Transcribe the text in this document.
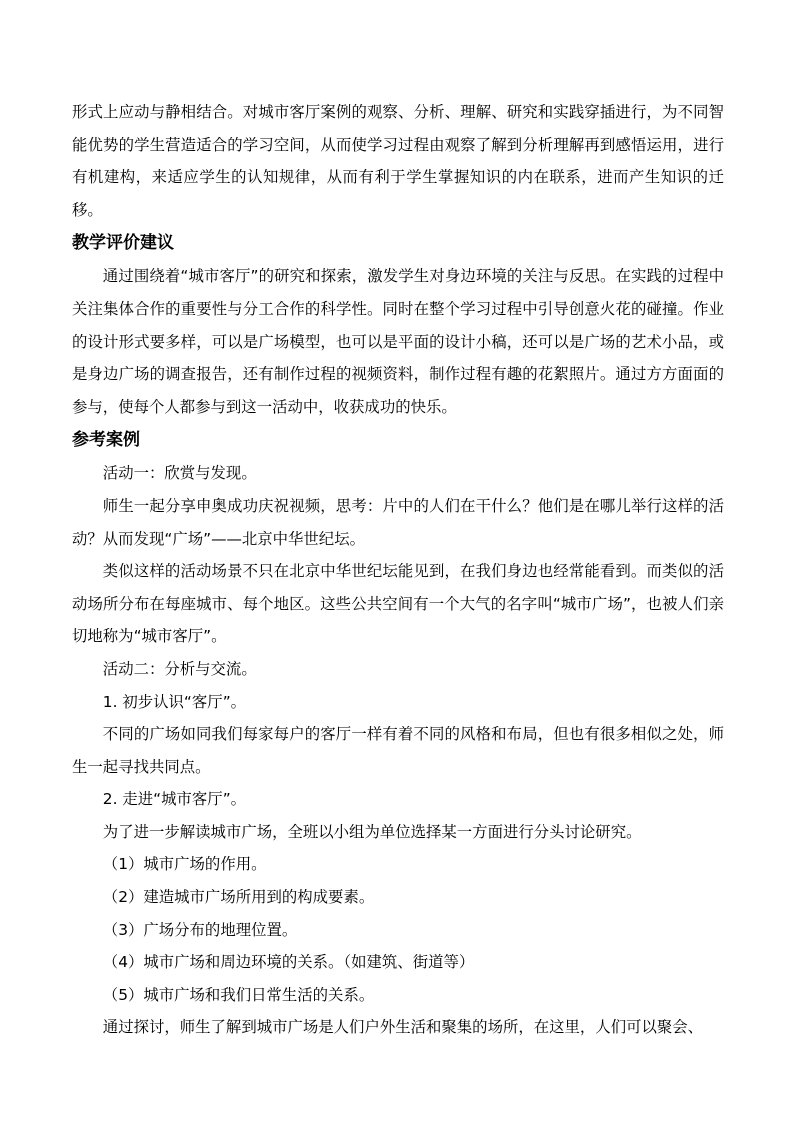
形式上应动与静相结合。对城市客厅案例的观察、分析、理解、研究和实践穿插进行，为不同智能优势的学生营造适合的学习空间，从而使学习过程由观察了解到分析理解再到感悟运用，进行有机建构，来适应学生的认知规律，从而有利于学生掌握知识的内在联系，进而产生知识的迁移。

教学评价建议

通过围绕着“城市客厅”的研究和探索，激发学生对身边环境的关注与反思。在实践的过程中关注集体合作的重要性与分工合作的科学性。同时在整个学习过程中引导创意火花的碰撞。作业的设计形式要多样，可以是广场模型，也可以是平面的设计小稿，还可以是广场的艺术小品，或是身边广场的调查报告，还有制作过程的视频资料，制作过程有趣的花絮照片。通过方方面面的参与，使每个人都参与到这一活动中，收获成功的快乐。

参考案例

活动一：欣赏与发现。

师生一起分享申奥成功庆祝视频，思考：片中的人们在干什么？他们是在哪儿举行这样的活动？从而发现“广场”——北京中华世纪坛。

类似这样的活动场景不只在北京中华世纪坛能见到，在我们身边也经常能看到。而类似的活动场所分布在每座城市、每个地区。这些公共空间有一个大气的名字叫“城市广场”，也被人们亲切地称为“城市客厅”。

活动二：分析与交流。

1. 初步认识“客厅”。

不同的广场如同我们每家每户的客厅一样有着不同的风格和布局，但也有很多相似之处，师生一起寻找共同点。

2. 走进“城市客厅”。

为了进一步解读城市广场，全班以小组为单位选择某一方面进行分头讨论研究。

（1）城市广场的作用。

（2）建造城市广场所用到的构成要素。

（3）广场分布的地理位置。

（4）城市广场和周边环境的关系。（如建筑、街道等）

（5）城市广场和我们日常生活的关系。

通过探讨，师生了解到城市广场是人们户外生活和聚集的场所，在这里，人们可以聚会、
